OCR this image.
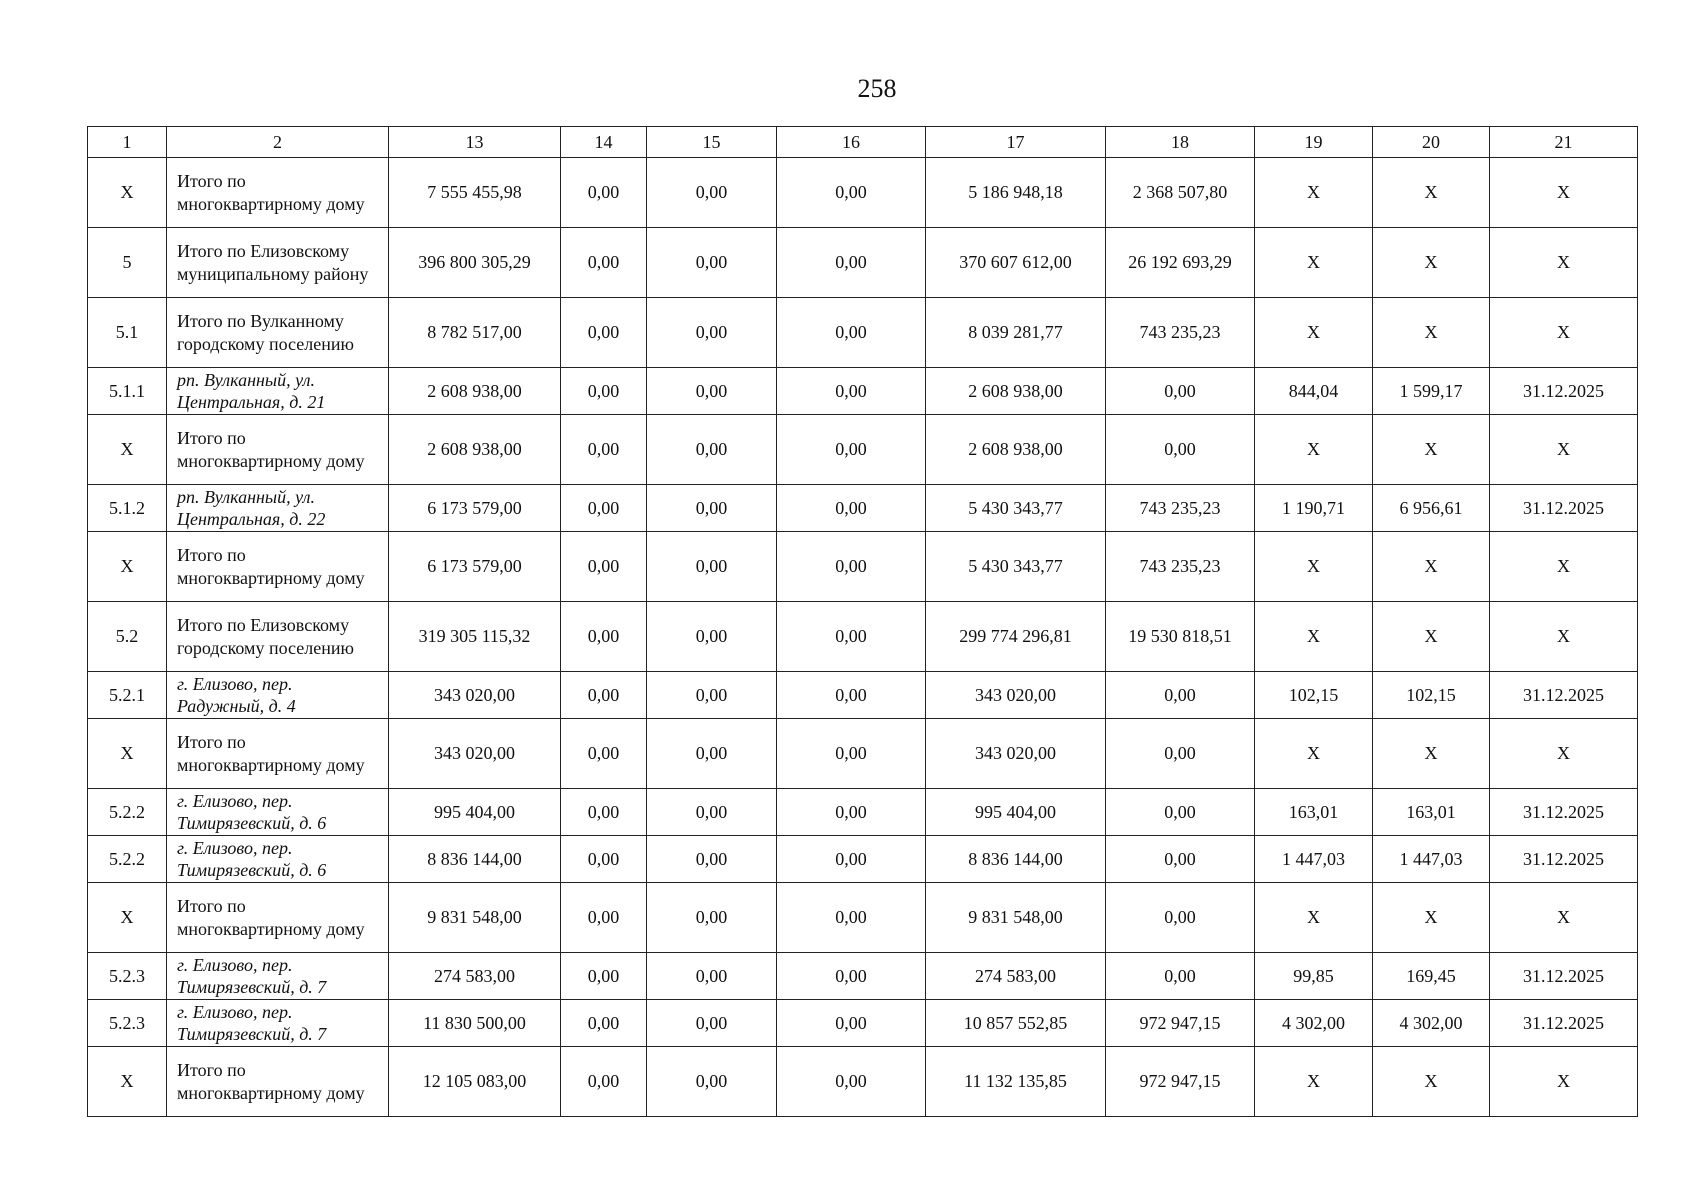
258
1	2	13	14	15	16	17	18	19	20	21
X	Итого по многоквартирному дому	7 555 455,98	0,00	0,00	0,00	5 186 948,18	2 368 507,80	X	X	X
5	Итого по Елизовскому муниципальному району	396 800 305,29	0,00	0,00	0,00	370 607 612,00	26 192 693,29	X	X	X
5.1	Итого по Вулканному городскому поселению	8 782 517,00	0,00	0,00	0,00	8 039 281,77	743 235,23	X	X	X
5.1.1	рп. Вулканный, ул. Центральная, д. 21	2 608 938,00	0,00	0,00	0,00	2 608 938,00	0,00	844,04	1 599,17	31.12.2025
X	Итого по многоквартирному дому	2 608 938,00	0,00	0,00	0,00	2 608 938,00	0,00	X	X	X
5.1.2	рп. Вулканный, ул. Центральная, д. 22	6 173 579,00	0,00	0,00	0,00	5 430 343,77	743 235,23	1 190,71	6 956,61	31.12.2025
X	Итого по многоквартирному дому	6 173 579,00	0,00	0,00	0,00	5 430 343,77	743 235,23	X	X	X
5.2	Итого по Елизовскому городскому поселению	319 305 115,32	0,00	0,00	0,00	299 774 296,81	19 530 818,51	X	X	X
5.2.1	г. Елизово, пер. Радужный, д. 4	343 020,00	0,00	0,00	0,00	343 020,00	0,00	102,15	102,15	31.12.2025
X	Итого по многоквартирному дому	343 020,00	0,00	0,00	0,00	343 020,00	0,00	X	X	X
5.2.2	г. Елизово, пер. Тимирязевский, д. 6	995 404,00	0,00	0,00	0,00	995 404,00	0,00	163,01	163,01	31.12.2025
5.2.2	г. Елизово, пер. Тимирязевский, д. 6	8 836 144,00	0,00	0,00	0,00	8 836 144,00	0,00	1 447,03	1 447,03	31.12.2025
X	Итого по многоквартирному дому	9 831 548,00	0,00	0,00	0,00	9 831 548,00	0,00	X	X	X
5.2.3	г. Елизово, пер. Тимирязевский, д. 7	274 583,00	0,00	0,00	0,00	274 583,00	0,00	99,85	169,45	31.12.2025
5.2.3	г. Елизово, пер. Тимирязевский, д. 7	11 830 500,00	0,00	0,00	0,00	10 857 552,85	972 947,15	4 302,00	4 302,00	31.12.2025
X	Итого по многоквартирному дому	12 105 083,00	0,00	0,00	0,00	11 132 135,85	972 947,15	X	X	X
